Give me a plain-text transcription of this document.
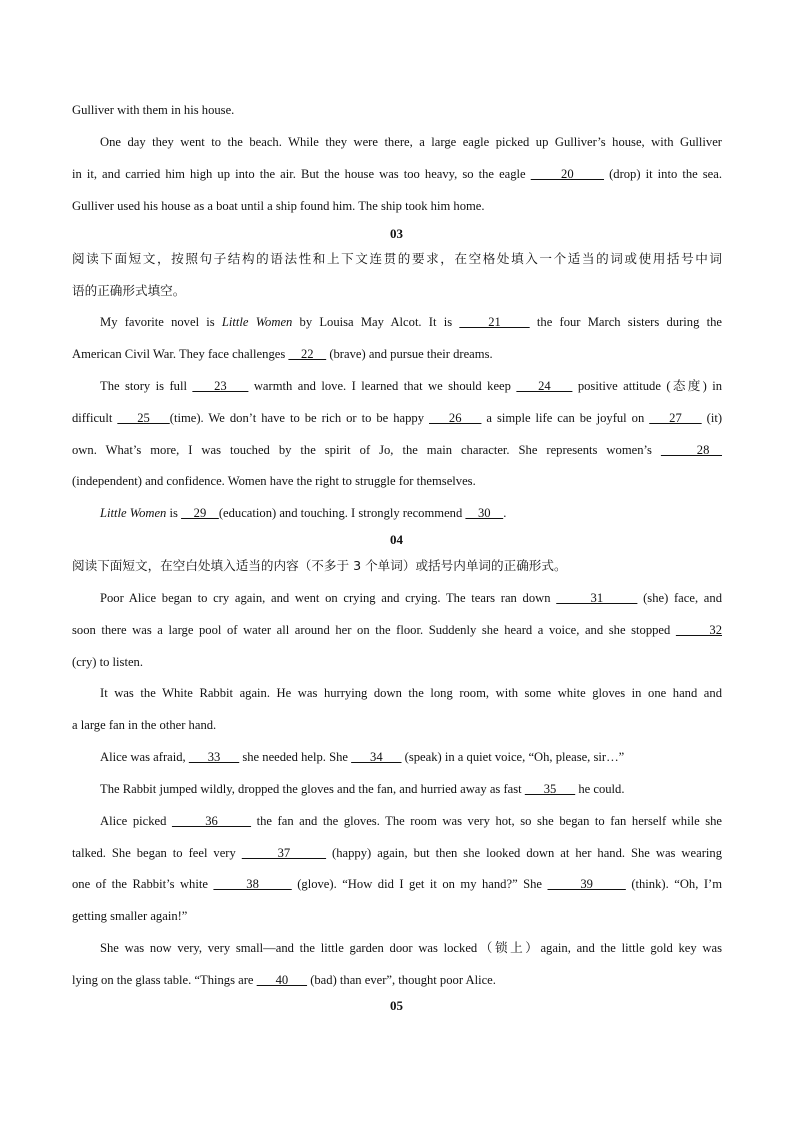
Gulliver with them in his house.
One day they went to the beach. While they were there, a large eagle picked up Gulliver’s house, with Gulliver
in it, and carried him high up into the air. But the house was too heavy, so the eagle       20       (drop) it into the sea.
Gulliver used his house as a boat until a ship found him. The ship took him home.
03
阅读下面短文，按照句子结构的语法性和上下文连贯的要求，在空格处填入一个适当的词或使用括号中词
语的正确形式填空。
My favorite novel is Little Women by Louisa May Alcot. It is     21     the four March sisters during the
American Civil War. They face challenges     22     (brave) and pursue their dreams.
The story is full     23     warmth and love. I learned that we should keep     24     positive attitude (态度) in
difficult     25    (time). We don’t have to be rich or to be happy     26     a simple life can be joyful on     27     (it)
own. What’s more, I was touched by the spirit of Jo, the main character. She represents women’s     28
(independent) and confidence. Women have the right to struggle for themselves.
Little Women is     29    (education) and touching. I strongly recommend     30    .
04
阅读下面短文，在空白处填入适当的内容（不多于 3 个单词）或括号内单词的正确形式。
Poor Alice began to cry again, and went on crying and crying. The tears ran down       31       (she) face, and
soon there was a large pool of water all around her on the floor. Suddenly she heard a voice, and she stopped       32
(cry) to listen.
It was the White Rabbit again. He was hurrying down the long room, with some white gloves in one hand and
a large fan in the other hand.
Alice was afraid,       33       she needed help. She       34       (speak) in a quiet voice, “Oh, please, sir…”
The Rabbit jumped wildly, dropped the gloves and the fan, and hurried away as fast       35       he could.
Alice picked       36       the fan and the gloves. The room was very hot, so she began to fan herself while she
talked. She began to feel very       37       (happy) again, but then she looked down at her hand. She was wearing
one of the Rabbit’s white       38       (glove). “How did I get it on my hand?” She       39       (think). “Oh, I’m
getting smaller again!”
She was now very, very small—and the little garden door was locked（锁上）again, and the little gold key was
lying on the glass table. “Things are       40       (bad) than ever”, thought poor Alice.
05
